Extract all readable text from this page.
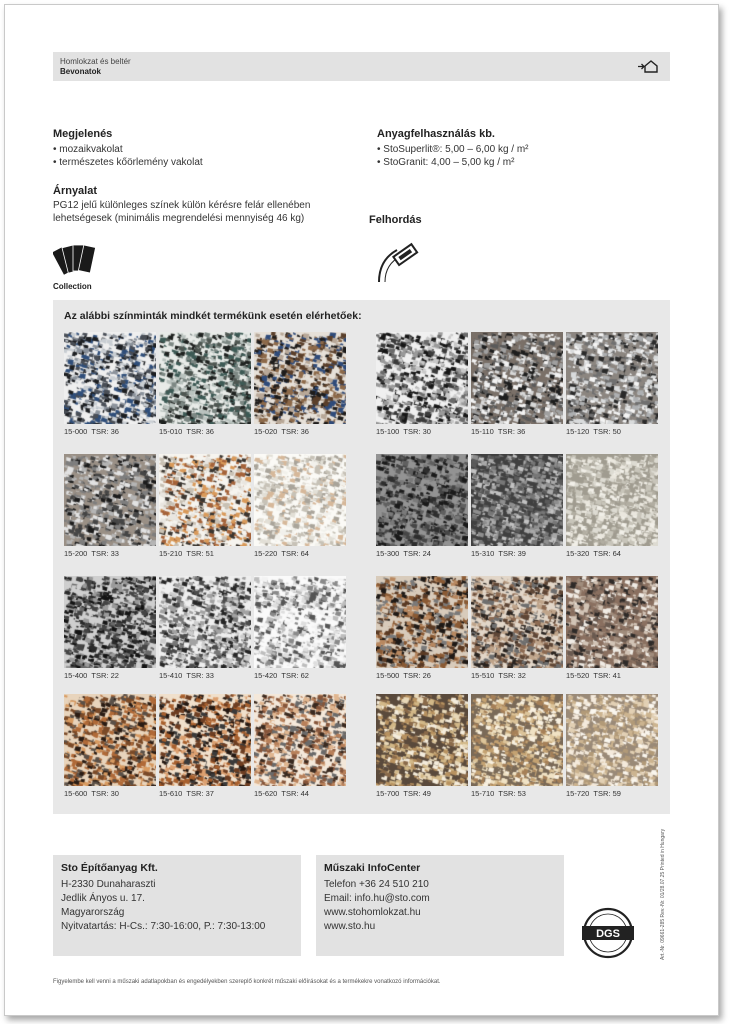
Homlokzat és beltér
Bevonatok
Megjelenés
• mozaikvakolat
• természetes kőörlemény vakolat
Anyagfelhasználás kb.
• StoSuperlit®: 5,00 – 6,00 kg / m²
• StoGranit: 4,00 – 5,00 kg / m²
Árnyalat
PG12 jelű különleges színek külön kérésre felár ellenében
lehetségesek (minimális megrendelési mennyiség 46 kg)
Collection
Felhordás
Az alábbi színminták mindkét termékünk esetén elérhetőek:
15-000 TSR: 36	15-010 TSR: 36	15-020 TSR: 36	15-100 TSR: 30	15-110 TSR: 36	15-120 TSR: 50
15-200 TSR: 33	15-210 TSR: 51	15-220 TSR: 64	15-300 TSR: 24	15-310 TSR: 39	15-320 TSR: 64
15-400 TSR: 22	15-410 TSR: 33	15-420 TSR: 62	15-500 TSR: 26	15-510 TSR: 32	15-520 TSR: 41
15-600 TSR: 30	15-610 TSR: 37	15-620 TSR: 44	15-700 TSR: 49	15-710 TSR: 53	15-720 TSR: 59
Sto Építőanyag Kft.
H-2330 Dunaharaszti
Jedlik Ányos u. 17.
Magyarország
Nyitvatartás: H-Cs.: 7:30-16:00, P.: 7:30-13:00
Műszaki InfoCenter
Telefon +36 24 510 210
Email: info.hu@sto.com
www.stohomlokzat.hu
www.sto.hu
DGS
Figyelembe kell venni a műszaki adatlapokban és engedélyekben szereplő konkrét műszaki előírásokat és a termékekre vonatkozó információkat.
Art.-Nr. 09661-285 Rev.-Nr. 01/28.07.25 Printed in Hungary
